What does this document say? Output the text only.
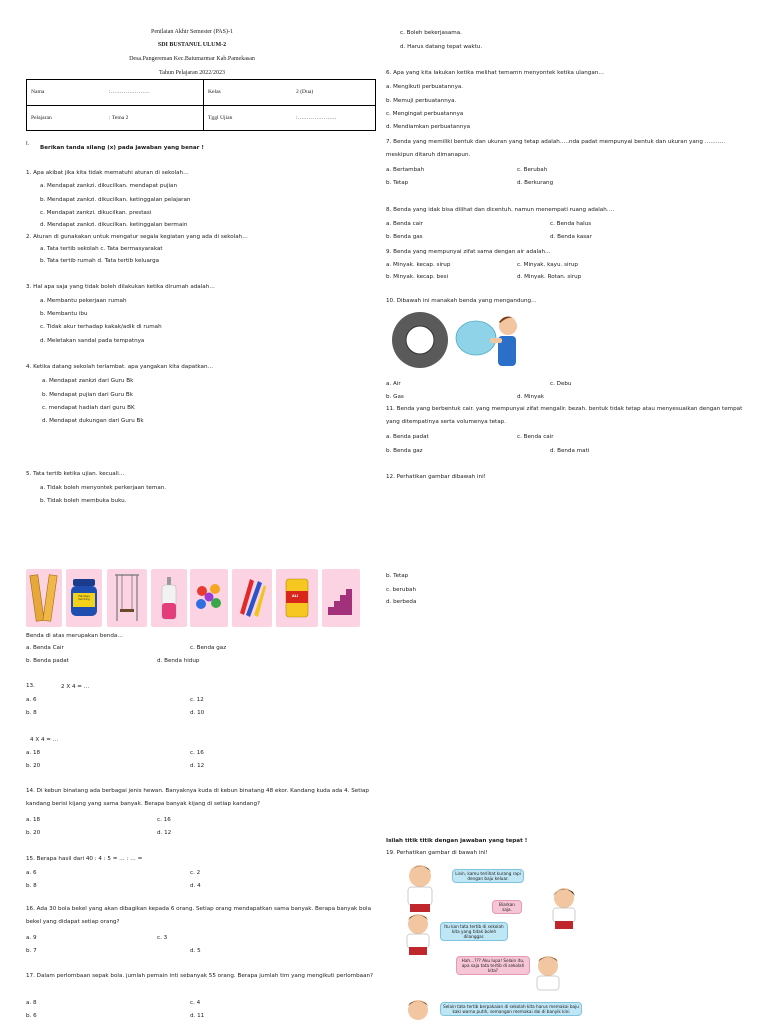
Penilaian Akhir Semester (PAS)-1
SDI BUSTANUL ULUM-2
Desa.Pangereman Kec.Batumarmar Kab.Pamekasan
Tahun Pelajaran 2022/2023
Nama	:…………………	Kelas	2 (Dua)
Pelajaran	: Tema 2	Tggl Ujian	:…………………
I.
Berikan tanda silang (x) pada jawaban yang benar !
1. Apa akibat jika kita tidak mematuhi aturan di sekolah…
a. Mendapat zankzi. dikucilkan. mendapat pujian
b. Mendapat zankzi. dikucilkan. ketinggalan pelajaran
c. Mendapat zankzi. dikucilkan. prestasi
d. Mendapat zankzi. dikucilkan. ketinggalan bermain
2. Aturan di gunakakan untuk mengatur segala kegiatan yang ada di sekolah…
a. Tata tertib sekolah c. Tata bermasyarakat
b. Tata tertib rumah d. Tata tertib keluarga
3. Hal apa saja yang tidak boleh dilakukan ketika dirumah adalah…
a. Membantu pekerjaan rumah
b. Membantu ibu
c. Tidak akur terhadap kakak/adik di rumah
d. Meletakan sandal pada tempatnya
4. Ketika datang sekolah terlambat. apa yangakan kita dapatkan…
a. Mendapat zankzi dari Guru Bk
b. Mendapat pujian dari Guru Bk
c. mendapat hadiah dari guru BK
d. Mendapat dukungan dari Guru Bk
5. Tata tertib ketika ujian. kecuali…
a. Tidak boleh menyontek perkerjaan teman.
b. Tidak boleh membuka buku.
Mentega Kambing
ALI
Benda di atas merupakan benda…
a. Benda Cair	c. Benda gaz
b. Benda padat	d. Benda hidup
13.	2 X 4 = …
a. 6	c. 12
b. 8	d. 10
4 X 4 = …
a. 18	c. 16
b. 20	d. 12
14. Di kebun binatang ada berbagai jenis hewan. Banyaknya kuda di kebun binatang 48 ekor. Kandang kuda ada 4. Setiap kandang berisi kijang yang sama banyak. Berapa banyak kijang di setiap kandang?
a. 18	c. 16
b. 20	d. 12
15. Berapa hasil dari 40 : 4 : 5 = … : … =
a. 6	c. 2
b. 8	d. 4
16. Ada 30 bola bekel yang akan dibagikan kepada 6 orang. Setiap orang mendapatkan sama banyak. Berapa banyak bola bekel yang didapat setiap orang?
a. 9	c. 3
b. 7	d. 5
17. Dalam perlombaan sepak bola. jumlah pemain inti sebanyak 55 orang. Berapa jumlah tim yang mengikuti perlombaan?
a. 8	c. 4
b. 6	d. 11
c. Boleh bekerjasama.
d. Harus datang tepat waktu.
6. Apa yang kita lakukan ketika melihat temamn menyontek ketika ulangan…
a. Mengikuti perbuatannya.
b. Memuji perbuatannya.
c. Mengingat perbuatannya
d. Mendiamkan perbuatannya
7. Benda yang memiliki bentuk dan ukuran yang tetap adalah…..nda padat mempunyai bentuk dan ukuran yang ……….. meskipun ditaruh dimanapun.
a. Bertambah	c. Berubah
b. Tetap	d. Berkurang
8. Benda yang idak bisa dilihat dan dicentuh. namun menempati ruang adalah….
a. Benda cair	c. Benda halus
b. Benda gas	d. Benda kasar
9. Benda yang mempunyai zifat sama dengan air adalah…
a. Minyak. kecap. sirup	c. Minyak. kayu. sirup
b. Minyak. kecap. besi	d. Minyak. Rotan. sirup
10. Dibawah ini manakah benda yang mengandung…
a. Air	c. Debu
b. Gas	d. Minyak
11. Benda yang berbentuk cair. yang mempunyai zifat mengalir. bezah. bentuk tidak tetap atau menyesuaikan dengan tempat yang ditempatinya serta volumenya tetap.
a. Benda padat	c. Benda cair
b. Benda gaz	d. Benda mati
12. Perhatikan gambar dibawah ini!
b. Tetap
c. berubah
d. berbeda
Isilah titik titik dengan jawaban yang tepat !
19. Perhatikan gambar di bawah ini!
Lisin, kamu terlihat kurang rapi dengan baju keluar.
Biarkan saja.
Itu kan tata tertib di sekolah kita yang tidak boleh dilanggar.
Hah…??? Aku lupa! Selain itu, apa saja tata tertib di sekolah kita?
Selain tata tertib berpakaian di sekolah kita harus memakai baju kaki warna putih, semangan memakai dai di banyik kini
